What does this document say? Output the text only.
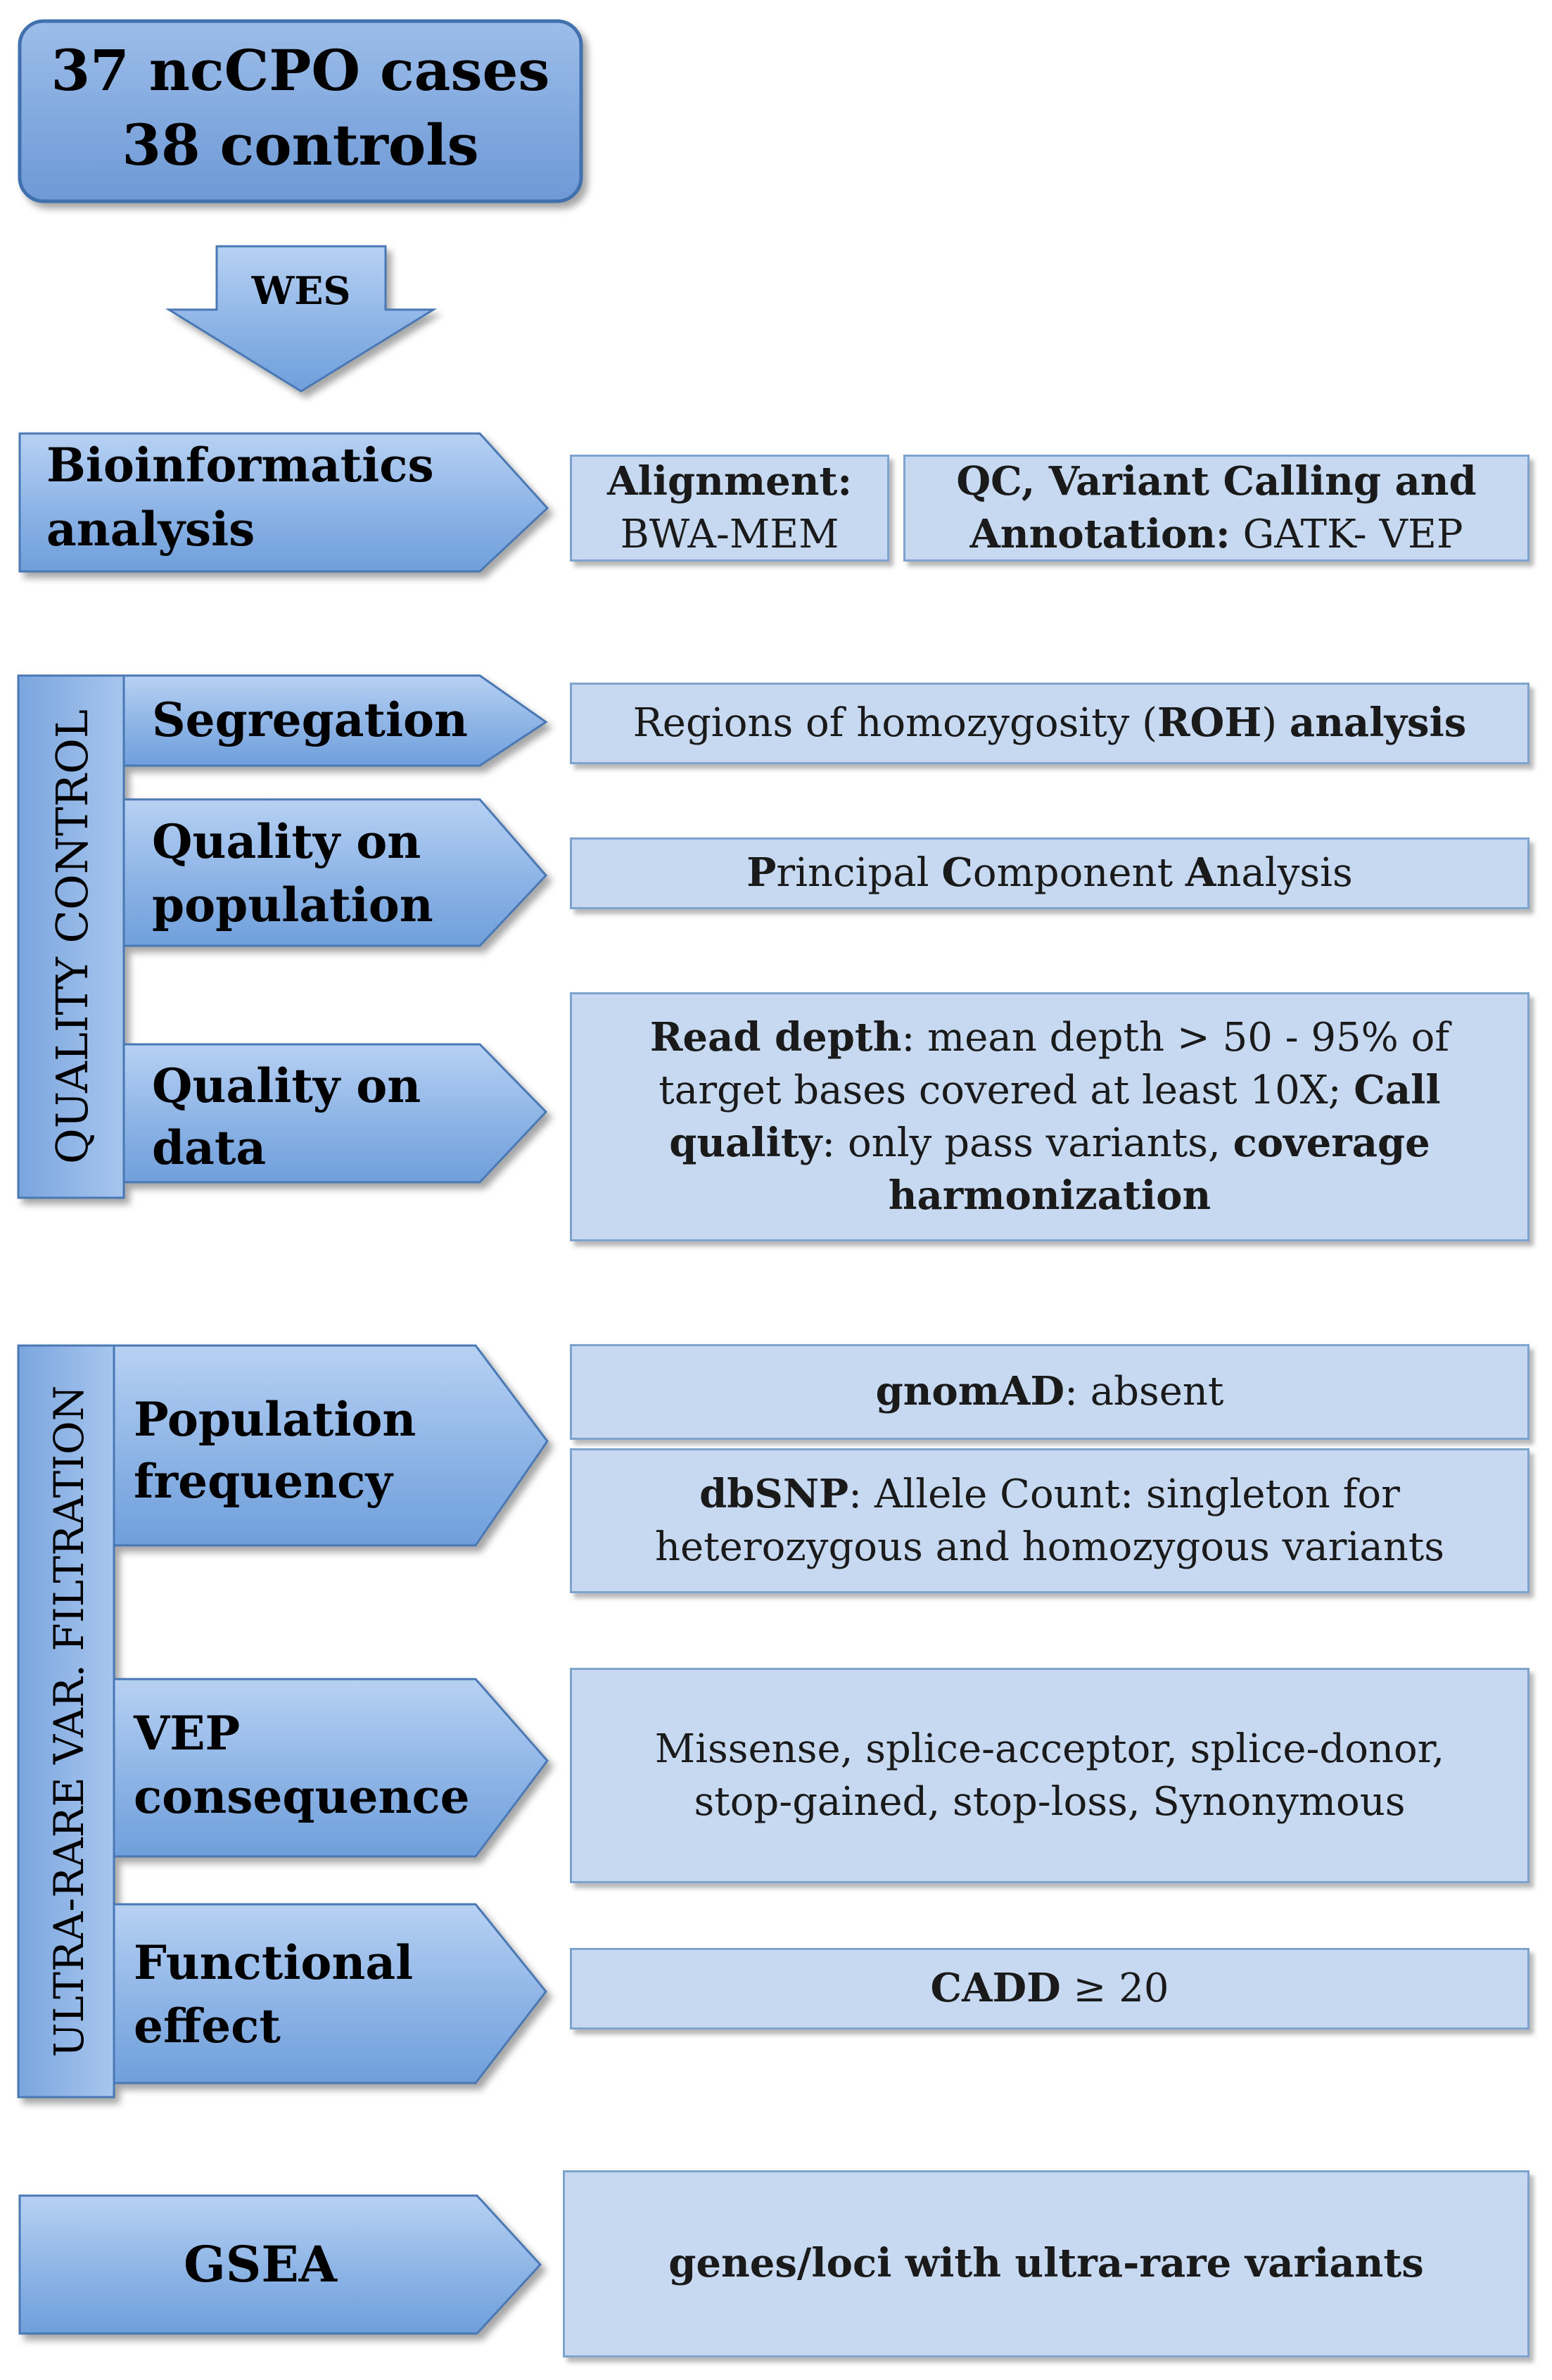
37 ncCPO cases
38 controls
WES
Bioinformatics
analysis
QUALITY CONTROL Segregation
Quality on
population
Quality on
data
ULTRA-RARE VAR. FILTRATION Population
frequency
VEP
consequence
Functional
effect
GSEA
Alignment:
BWA-MEM
QC, Variant Calling and
Annotation: GATK- VEP
Regions of homozygosity (ROH) analysis
Principal Component Analysis
Read depth: mean depth > 50 - 95% of target bases covered at least 10X; Call quality: only pass variants, coverage harmonization
gnomAD: absent
dbSNP: Allele Count: singleton for heterozygous and homozygous variants
Missense, splice-acceptor, splice-donor, stop-gained, stop-loss, Synonymous
CADD ≥ 20
genes/loci with ultra-rare variants
